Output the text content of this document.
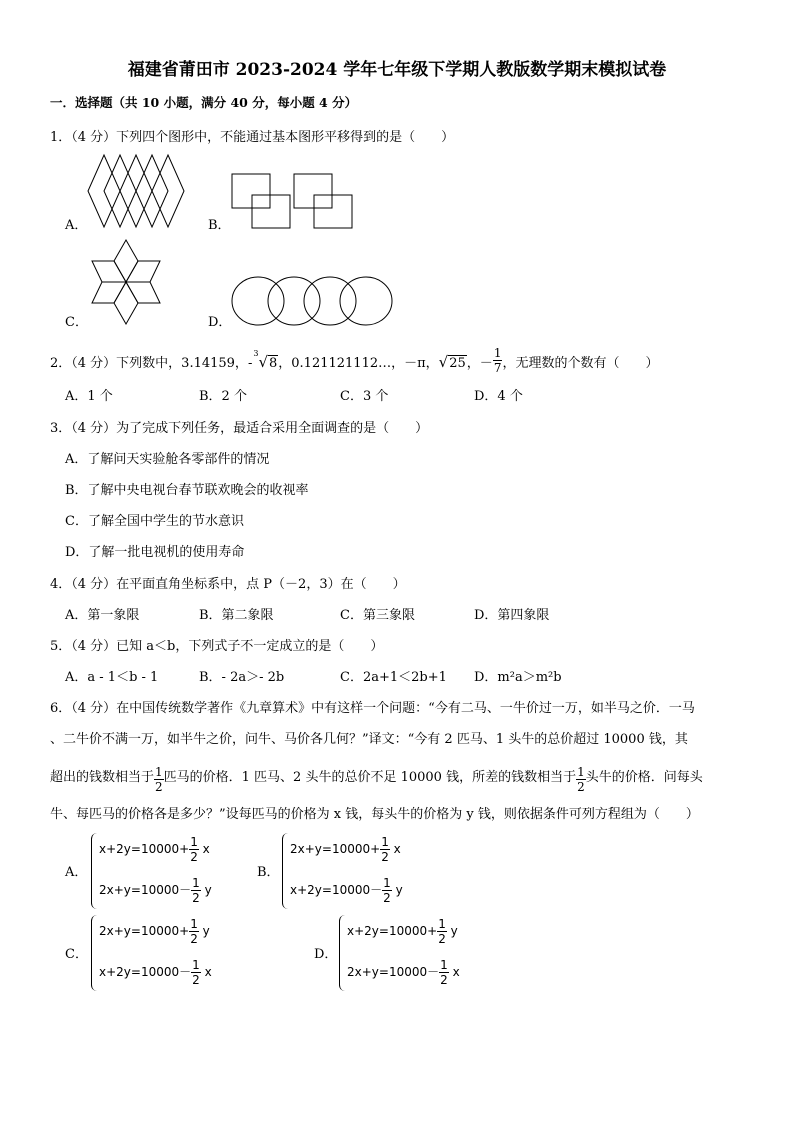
福建省莆田市 2023-2024 学年七年级下学期人教版数学期末模拟试卷
一．选择题（共 10 小题，满分 40 分，每小题 4 分）
1．（4 分）下列四个图形中，不能通过基本图形平移得到的是（　　）
A．	B．
C．	D．
2．（4 分）下列数中，3.14159，-$^3$√8，0.121121112…，－π，√25，－ $\frac{1}{7}$ ，无理数的个数有（　　）
A．1 个	B．2 个	C．3 个	D．4 个
3．（4 分）为了完成下列任务，最适合采用全面调查的是（　　）
A．了解问天实验舱各零部件的情况
B．了解中央电视台春节联欢晚会的收视率
C．了解全国中学生的节水意识
D．了解一批电视机的使用寿命
4．（4 分）在平面直角坐标系中，点 P（－2，3）在（　　）
A．第一象限	B．第二象限	C．第三象限	D．第四象限
5．（4 分）已知 a＜b，下列式子不一定成立的是（　　）
A．a - 1＜b - 1	B．- 2a＞- 2b	C．2a+1＜2b+1 D．m²a＞m²b
6．（4 分）在中国传统数学著作《九章算术》中有这样一个问题：“今有二马、一牛价过一万，如半马之价．一马
、二牛价不满一万，如半牛之价，问牛、马价各几何？”译文：“今有 2 匹马、1 头牛的总价超过 10000 钱，其
超出的钱数相当于 $\frac{1}{2}$ 匹马的价格．1 匹马、2 头牛的总价不足 10000 钱，所差的钱数相当于 $\frac{1}{2}$ 头牛的价格．问每头
牛、每匹马的价格各是多少？”设每匹马的价格为 x 钱，每头牛的价格为 y 钱，则依据条件可列方程组为（　　）
A．
$x+2y=10000+ \frac{1}{2}$ x
$2x+y=10000- \frac{1}{2}$ y
B．
$2x+y=10000+ \frac{1}{2}$ x
$x+2y=10000- \frac{1}{2}$ y
C．
$2x+y=10000+ \frac{1}{2}$ y
$x+2y=10000- \frac{1}{2}$ x
D．
$x+2y=10000+ \frac{1}{2}$ y
$2x+y=10000- \frac{1}{2}$ x
